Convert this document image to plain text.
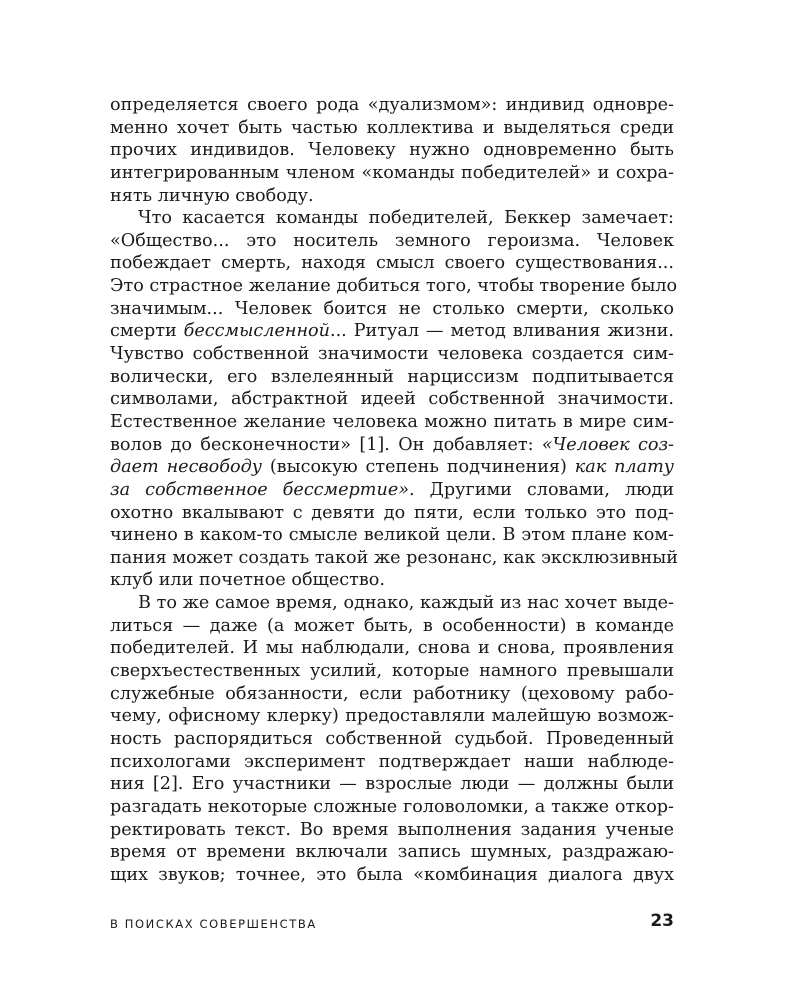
определяется своего рода «дуализмом»: индивид одновре-
менно хочет быть частью коллектива и выделяться среди
прочих индивидов. Человеку нужно одновременно быть
интегрированным членом «команды победителей» и сохра-
нять личную свободу.
Что касается команды победителей, Беккер замечает:
«Общество... это носитель земного героизма. Человек
побеждает смерть, находя смысл своего существования...
Это страстное желание добиться того, чтобы творение было
значимым... Человек боится не столько смерти, сколько
смерти бессмысленной... Ритуал — метод вливания жизни.
Чувство собственной значимости человека создается сим-
волически, его взлелеянный нарциссизм подпитывается
символами, абстрактной идеей собственной значимости.
Естественное желание человека можно питать в мире сим-
волов до бесконечности» [1]. Он добавляет: «Человек соз-
дает несвободу (высокую степень подчинения) как плату
за собственное бессмертие». Другими словами, люди
охотно вкалывают с девяти до пяти, если только это под-
чинено в каком-то смысле великой цели. В этом плане ком-
пания может создать такой же резонанс, как эксклюзивный
клуб или почетное общество.
В то же самое время, однако, каждый из нас хочет выде-
литься — даже (а может быть, в особенности) в команде
победителей. И мы наблюдали, снова и снова, проявления
сверхъестественных усилий, которые намного превышали
служебные обязанности, если работнику (цеховому рабо-
чему, офисному клерку) предоставляли малейшую возмож-
ность распорядиться собственной судьбой. Проведенный
психологами эксперимент подтверждает наши наблюде-
ния [2]. Его участники — взрослые люди — должны были
разгадать некоторые сложные головоломки, а также откор-
ректировать текст. Во время выполнения задания ученые
время от времени включали запись шумных, раздражаю-
щих звуков; точнее, это была «комбинация диалога двух
В ПОИСКАХ СОВЕРШЕНСТВА	23
